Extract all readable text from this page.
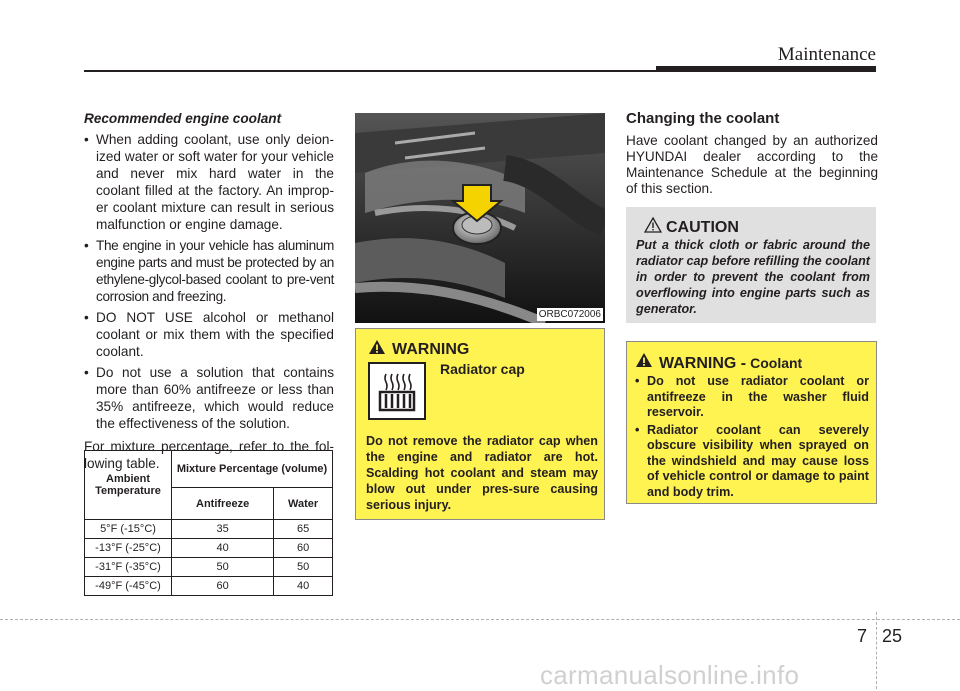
Maintenance
Recommended engine coolant
• When adding coolant, use only deion-ized water or soft water for your vehicle and never mix hard water in the coolant filled at the factory. An improp-er coolant mixture can result in serious malfunction or engine damage.
• The engine in your vehicle has aluminum engine parts and must be protected by an ethylene-glycol-based coolant to pre-vent corrosion and freezing.
• DO NOT USE alcohol or methanol coolant or mix them with the specified coolant.
• Do not use a solution that contains more than 60% antifreeze or less than 35% antifreeze, which would reduce the effectiveness of the solution.

For mixture percentage, refer to the fol-lowing table.

Ambient Temperature	Mixture Percentage (volume)	
	Antifreeze	Water
5°F (-15°C)	35	65
-13°F (-25°C)	40	60
-31°F (-35°C)	50	50
-49°F (-45°C)	60	40
ORBC072006
WARNING
Radiator cap
Do not remove the radiator cap when the engine and radiator are hot. Scalding hot coolant and steam may blow out under pres-sure causing serious injury.
Changing the coolant

Have coolant changed by an authorized HYUNDAI dealer according to the Maintenance Schedule at the beginning of this section.

CAUTION
Put a thick cloth or fabric around the radiator cap before refilling the coolant in order to prevent the coolant from overflowing into engine parts such as generator.
WARNING - Coolant
• Do not use radiator coolant or antifreeze in the washer fluid reservoir.
• Radiator coolant can severely obscure visibility when sprayed on the windshield and may cause loss of vehicle control or damage to paint and body trim.
7 25
carmanualsonline.info
